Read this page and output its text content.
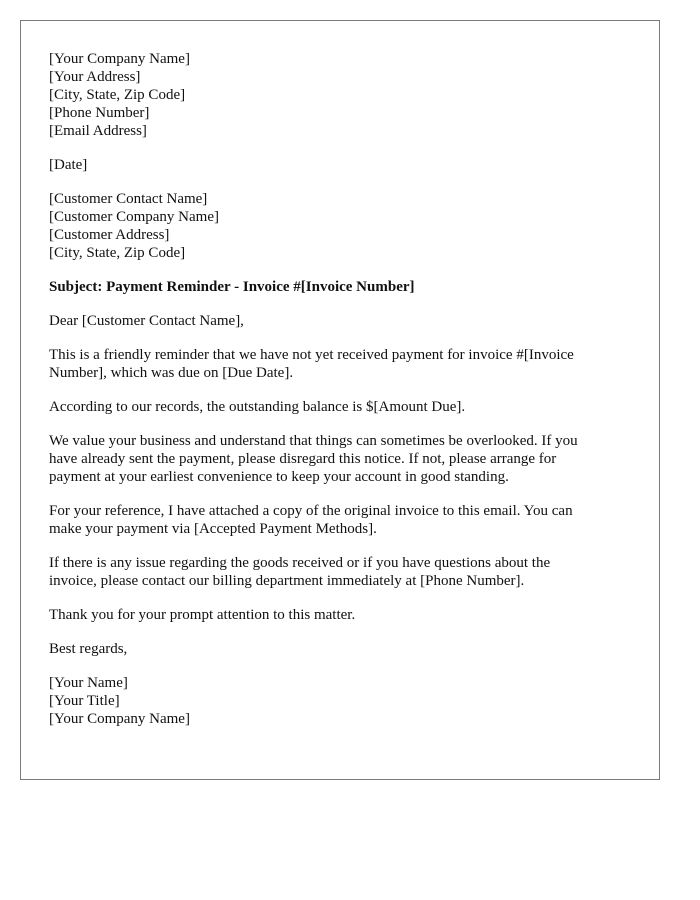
[Your Company Name]
[Your Address]
[City, State, Zip Code]
[Phone Number]
[Email Address]
[Date]
[Customer Contact Name]
[Customer Company Name]
[Customer Address]
[City, State, Zip Code]
Subject: Payment Reminder - Invoice #[Invoice Number]
Dear [Customer Contact Name],
This is a friendly reminder that we have not yet received payment for invoice #[Invoice
Number], which was due on [Due Date].
According to our records, the outstanding balance is $[Amount Due].
We value your business and understand that things can sometimes be overlooked. If you
have already sent the payment, please disregard this notice. If not, please arrange for
payment at your earliest convenience to keep your account in good standing.
For your reference, I have attached a copy of the original invoice to this email. You can
make your payment via [Accepted Payment Methods].
If there is any issue regarding the goods received or if you have questions about the
invoice, please contact our billing department immediately at [Phone Number].
Thank you for your prompt attention to this matter.
Best regards,
[Your Name]
[Your Title]
[Your Company Name]
